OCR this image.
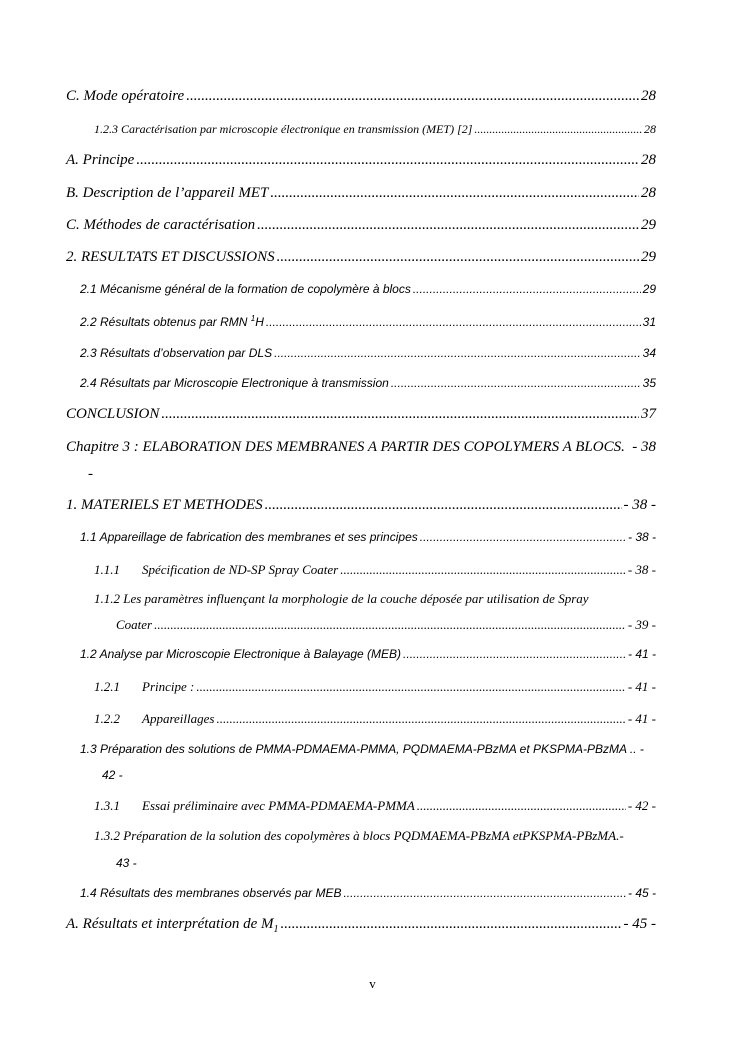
C. Mode opératoire .....	28
1.2.3 Caractérisation par microscopie électronique en transmission (MET) [2] .....	28
A. Principe .....	28
B. Description de l’appareil MET .....	28
C. Méthodes de caractérisation .....	29
2. RESULTATS ET DISCUSSIONS .....	29
2.1 Mécanisme général de la formation de copolymère à blocs .....	29
2.2 Résultats obtenus par RMN $^1$H .....	31
2.3 Résultats d’observation par DLS .....	34
2.4 Résultats par Microscopie Electronique à transmission .....	35
CONCLUSION .....	37
Chapitre 3 : ELABORATION DES MEMBRANES A PARTIR DES COPOLYMERS A BLOCS. - 38
-
1. MATERIELS ET METHODES .....	- 38 -
1.1 Appareillage de fabrication des membranes et ses principes .....	- 38 -
1.1.1 Spécification de ND-SP Spray Coater .....	- 38 -
1.1.2 Les paramètres influençant la morphologie de la couche déposée par utilisation de Spray
Coater .....	- 39 -
1.2 Analyse par Microscopie Electronique à Balayage (MEB) .....	- 41 -
1.2.1 Principe : .....	- 41 -
1.2.2 Appareillages .....	- 41 -
1.3 Préparation des solutions de PMMA-PDMAEMA-PMMA, PQDMAEMA-PBzMA et PKSPMA-PBzMA .. -
42 -
1.3.1 Essai préliminaire avec PMMA-PDMAEMA-PMMA .....	- 42 -
1.3.2 Préparation de la solution des copolymères à blocs PQDMAEMA-PBzMA etPKSPMA-PBzMA.-
43 -
1.4 Résultats des membranes observés par MEB .....	- 45 -
A. Résultats et interprétation de $M_1$ .....	- 45 -
v
